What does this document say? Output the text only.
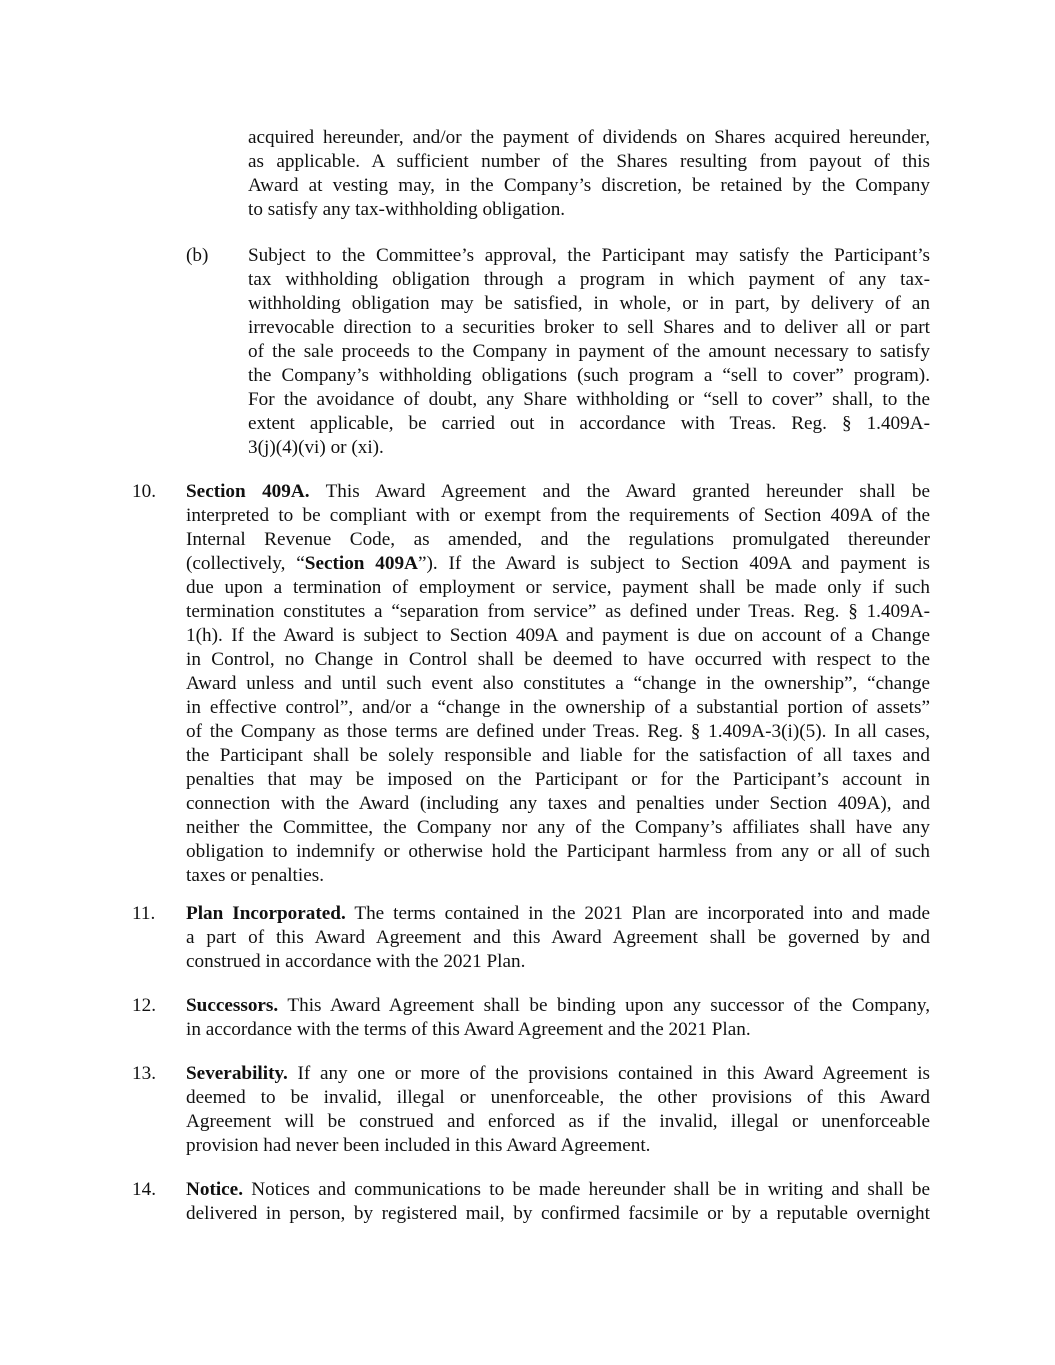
acquired hereunder, and/or the payment of dividends on Shares acquired hereunder,
as applicable. A sufficient number of the Shares resulting from payout of this
Award at vesting may, in the Company’s discretion, be retained by the Company
to satisfy any tax-withholding obligation.
(b) Subject to the Committee’s approval, the Participant may satisfy the Participant’s
tax withholding obligation through a program in which payment of any tax-
withholding obligation may be satisfied, in whole, or in part, by delivery of an
irrevocable direction to a securities broker to sell Shares and to deliver all or part
of the sale proceeds to the Company in payment of the amount necessary to satisfy
the Company’s withholding obligations (such program a “sell to cover” program).
For the avoidance of doubt, any Share withholding or “sell to cover” shall, to the
extent applicable, be carried out in accordance with Treas. Reg. § 1.409A-
3(j)(4)(vi) or (xi).
10. Section 409A. This Award Agreement and the Award granted hereunder shall be
interpreted to be compliant with or exempt from the requirements of Section 409A of the
Internal Revenue Code, as amended, and the regulations promulgated thereunder
(collectively, “Section 409A”). If the Award is subject to Section 409A and payment is
due upon a termination of employment or service, payment shall be made only if such
termination constitutes a “separation from service” as defined under Treas. Reg. § 1.409A-
1(h). If the Award is subject to Section 409A and payment is due on account of a Change
in Control, no Change in Control shall be deemed to have occurred with respect to the
Award unless and until such event also constitutes a “change in the ownership”, “change
in effective control”, and/or a “change in the ownership of a substantial portion of assets”
of the Company as those terms are defined under Treas. Reg. § 1.409A-3(i)(5). In all cases,
the Participant shall be solely responsible and liable for the satisfaction of all taxes and
penalties that may be imposed on the Participant or for the Participant’s account in
connection with the Award (including any taxes and penalties under Section 409A), and
neither the Committee, the Company nor any of the Company’s affiliates shall have any
obligation to indemnify or otherwise hold the Participant harmless from any or all of such
taxes or penalties.
11. Plan Incorporated. The terms contained in the 2021 Plan are incorporated into and made
a part of this Award Agreement and this Award Agreement shall be governed by and
construed in accordance with the 2021 Plan.
12. Successors. This Award Agreement shall be binding upon any successor of the Company,
in accordance with the terms of this Award Agreement and the 2021 Plan.
13. Severability. If any one or more of the provisions contained in this Award Agreement is
deemed to be invalid, illegal or unenforceable, the other provisions of this Award
Agreement will be construed and enforced as if the invalid, illegal or unenforceable
provision had never been included in this Award Agreement.
14. Notice. Notices and communications to be made hereunder shall be in writing and shall be
delivered in person, by registered mail, by confirmed facsimile or by a reputable overnight
